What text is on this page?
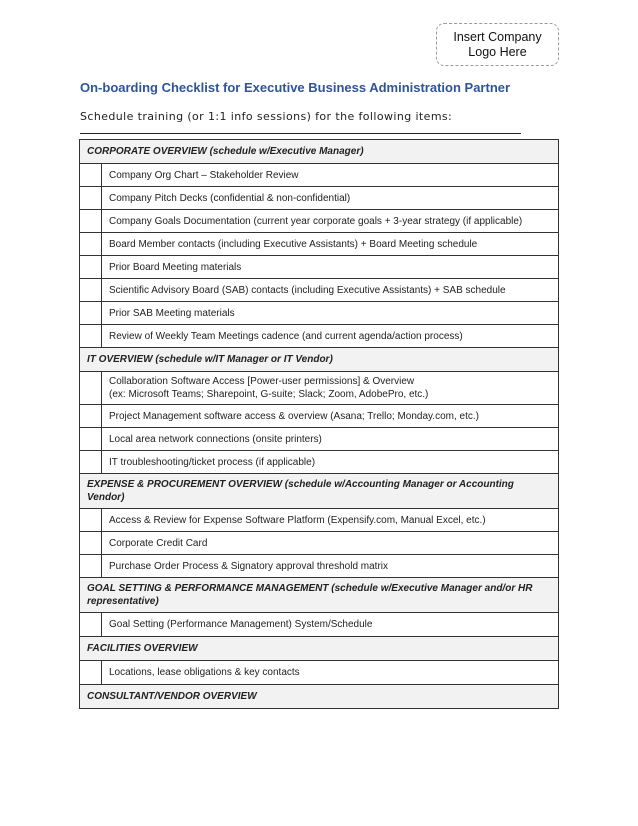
Insert Company
Logo Here
On-boarding Checklist for Executive Business Administration Partner
Schedule training (or 1:1 info sessions) for the following items:
CORPORATE OVERVIEW (schedule w/Executive Manager)	
	Company Org Chart – Stakeholder Review
	Company Pitch Decks (confidential & non-confidential)
	Company Goals Documentation (current year corporate goals + 3-year strategy (if applicable)
	Board Member contacts (including Executive Assistants) + Board Meeting schedule
	Prior Board Meeting materials
	Scientific Advisory Board (SAB) contacts (including Executive Assistants) + SAB schedule
	Prior SAB Meeting materials
	Review of Weekly Team Meetings cadence (and current agenda/action process)
IT OVERVIEW (schedule w/IT Manager or IT Vendor)	
	Collaboration Software Access [Power-user permissions] & Overview
(ex: Microsoft Teams; Sharepoint, G-suite; Slack; Zoom, AdobePro, etc.)
	Project Management software access & overview (Asana; Trello; Monday.com, etc.)
	Local area network connections (onsite printers)
	IT troubleshooting/ticket process (if applicable)
EXPENSE & PROCUREMENT OVERVIEW (schedule w/Accounting Manager or Accounting Vendor)	
	Access & Review for Expense Software Platform (Expensify.com, Manual Excel, etc.)
	Corporate Credit Card
	Purchase Order Process & Signatory approval threshold matrix
GOAL SETTING & PERFORMANCE MANAGEMENT (schedule w/Executive Manager and/or HR representative)	
	Goal Setting (Performance Management) System/Schedule
FACILITIES OVERVIEW	
	Locations, lease obligations & key contacts
CONSULTANT/VENDOR OVERVIEW	
